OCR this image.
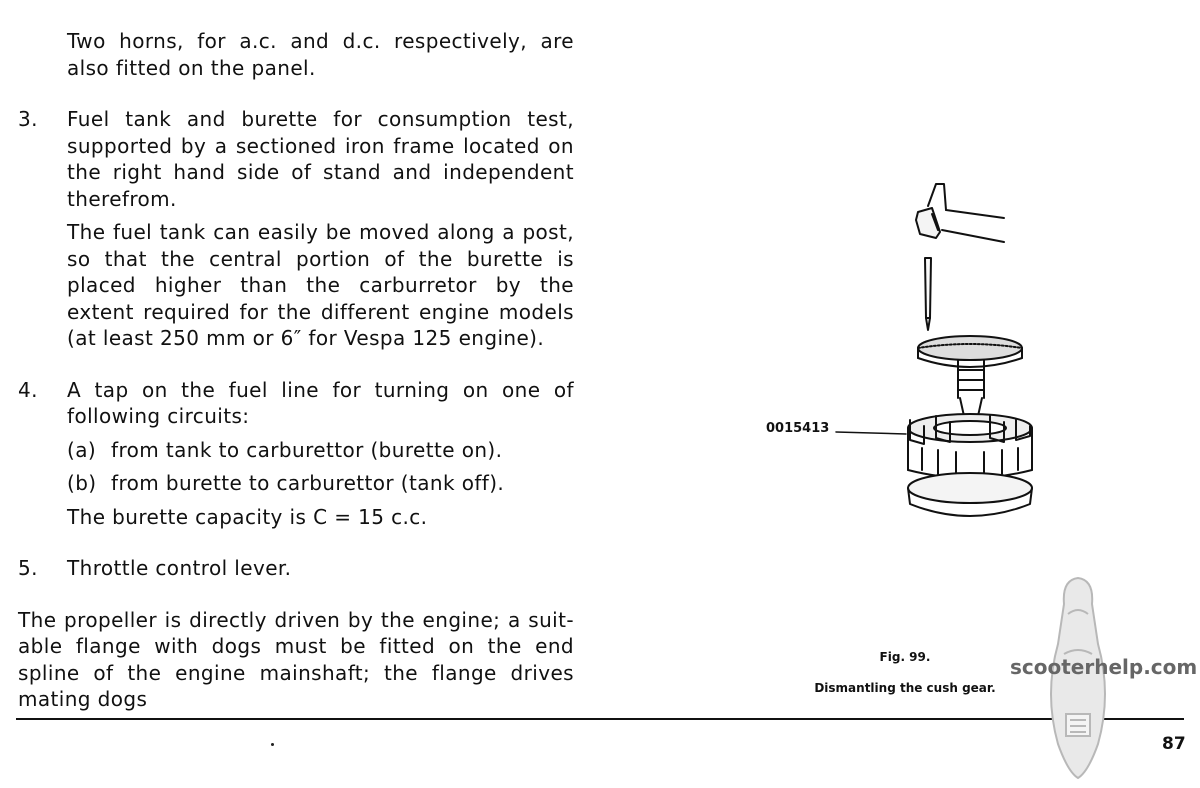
Two horns, for a.c. and d.c. respectively, are also fitted on the panel.
3.	Fuel tank and burette for consumption test, supported by a sectioned iron frame located on the right hand side of stand and independent therefrom.

The fuel tank can easily be moved along a post, so that the central portion of the burette is placed higher than the carburretor by the extent required for the different engine models (at least 250 mm or 6″ for Vespa 125 engine).

4.	A tap on the fuel line for turning on one of following circuits:

(a) from tank to carburettor (burette on).
(b) from burette to carburettor (tank off).

The burette capacity is C = 15 c.c.

5.	Throttle control lever.

The propeller is directly driven by the engine; a suit-able flange with dogs must be fitted on the end spline of the engine mainshaft; the flange drives mating dogs
0015413
Fig. 99.
Dismantling the cush gear.
scooterhelp.com
87
